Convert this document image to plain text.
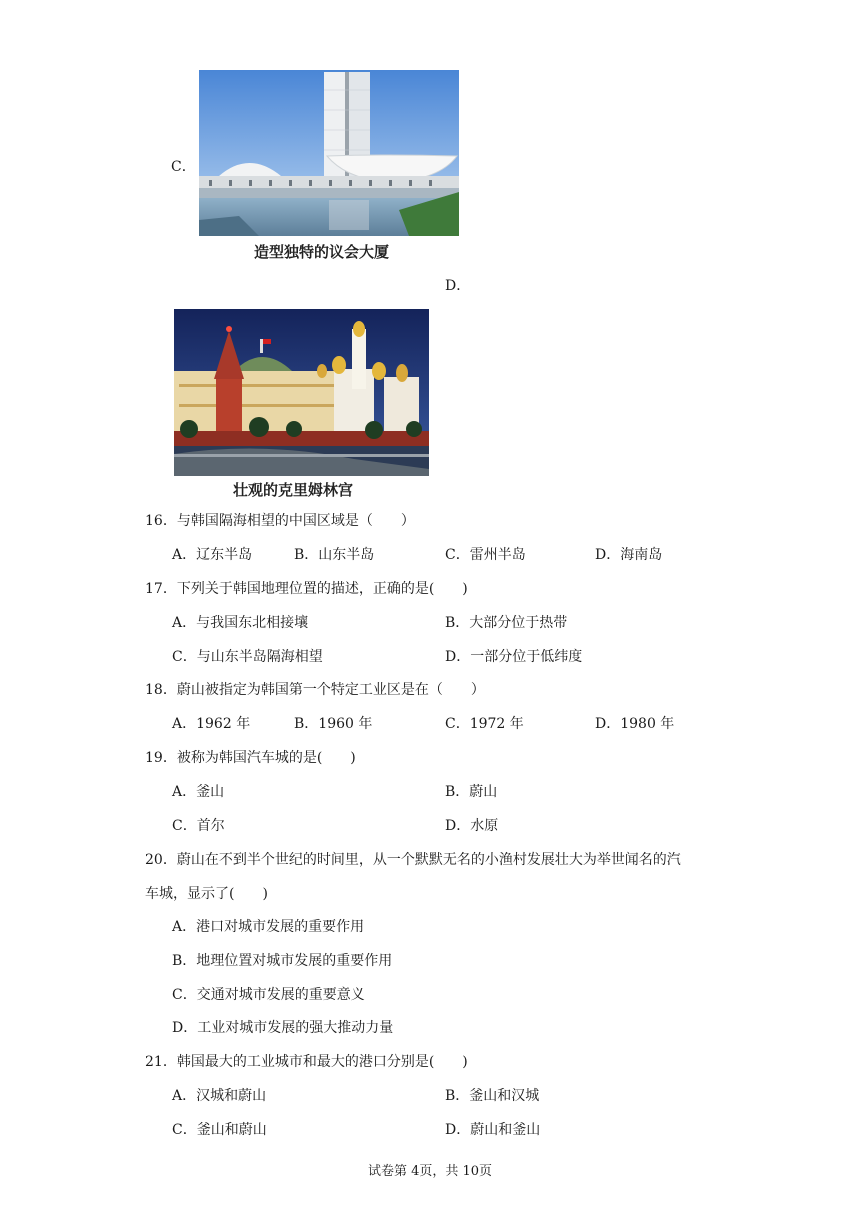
C．
造型独特的议会大厦
D．
壮观的克里姆林宫
16．与韩国隔海相望的中国区域是（　　）
A．辽东半岛	B．山东半岛	C．雷州半岛	D．海南岛
17．下列关于韩国地理位置的描述，正确的是(　　)
A．与我国东北相接壤	B．大部分位于热带
C．与山东半岛隔海相望	D．一部分位于低纬度
18．蔚山被指定为韩国第一个特定工业区是在（　　）
A．1962 年	B．1960 年	C．1972 年	D．1980 年
19．被称为韩国汽车城的是(　　)
A．釜山	B．蔚山
C．首尔	D．水原
20．蔚山在不到半个世纪的时间里，从一个默默无名的小渔村发展壮大为举世闻名的汽
车城，显示了(　　)
A．港口对城市发展的重要作用
B．地理位置对城市发展的重要作用
C．交通对城市发展的重要意义
D．工业对城市发展的强大推动力量
21．韩国最大的工业城市和最大的港口分别是(　　)
A．汉城和蔚山	B．釜山和汉城
C．釜山和蔚山	D．蔚山和釜山
试卷第 4页，共 10页
